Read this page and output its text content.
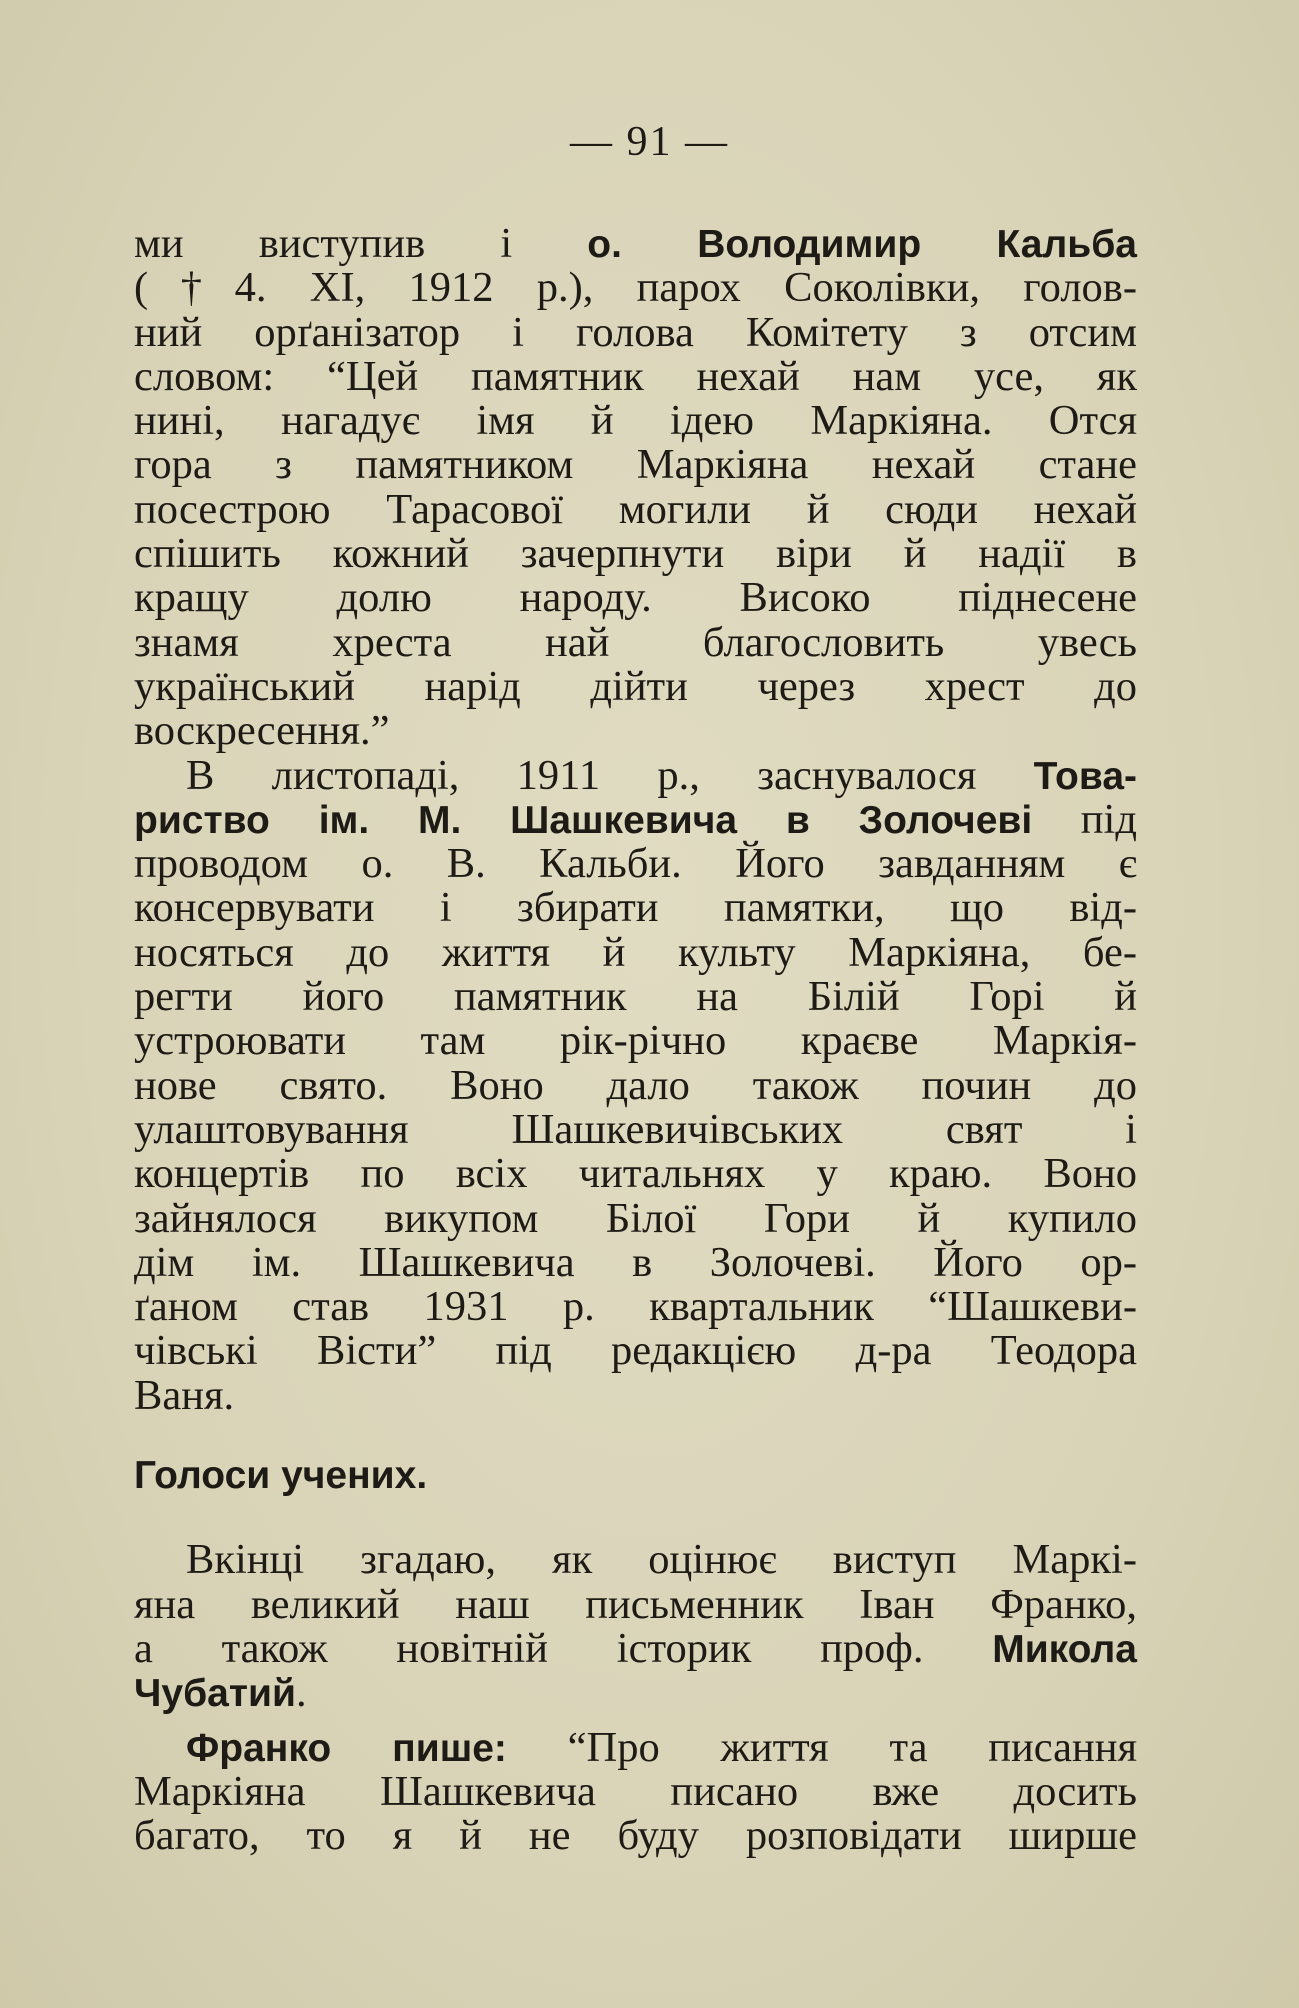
— 91 —
ми виступив і о. Володимир Кальба
(†4. XI, 1912 р.), парох Соколівки, голов-
ний орґанізатор і голова Комітету з отсим
словом: “Цей памятник нехай нам усе, як
нині, нагадує імя й ідею Маркіяна. Отся
гора з памятником Маркіяна нехай стане
посестрою Тарасової могили й сюди нехай
спішить кожний зачерпнути віри й надії в
кращу долю народу. Високо піднесене
знамя хреста най благословить увесь
український нарід дійти через хрест до
воскресення.”
В листопаді, 1911 р., заснувалося Това-
риство ім. М. Шашкевича в Золочеві під
проводом о. В. Кальби. Його завданням є
консервувати і збирати памятки, що від-
носяться до життя й культу Маркіяна, бе-
регти його памятник на Білій Горі й
устроювати там рік-річно краєве Маркія-
нове свято. Воно дало також почин до
улаштовування Шашкевичівських свят і
концертів по всіх читальнях у краю. Воно
зайнялося викупом Білої Гори й купило
дім ім. Шашкевича в Золочеві. Його ор-
ґаном став 1931 р. квартальник “Шашкеви-
чівські Вісти” під редакцією д-ра Теодора
Ваня.
Голоси учених.
Вкінці згадаю, як оцінює виступ Маркі-
яна великий наш письменник Іван Франко,
а також новітній історик проф. Микола
Чубатий.
Франко пише: “Про життя та писання
Маркіяна Шашкевича писано вже досить
багато, то я й не буду розповідати ширше
